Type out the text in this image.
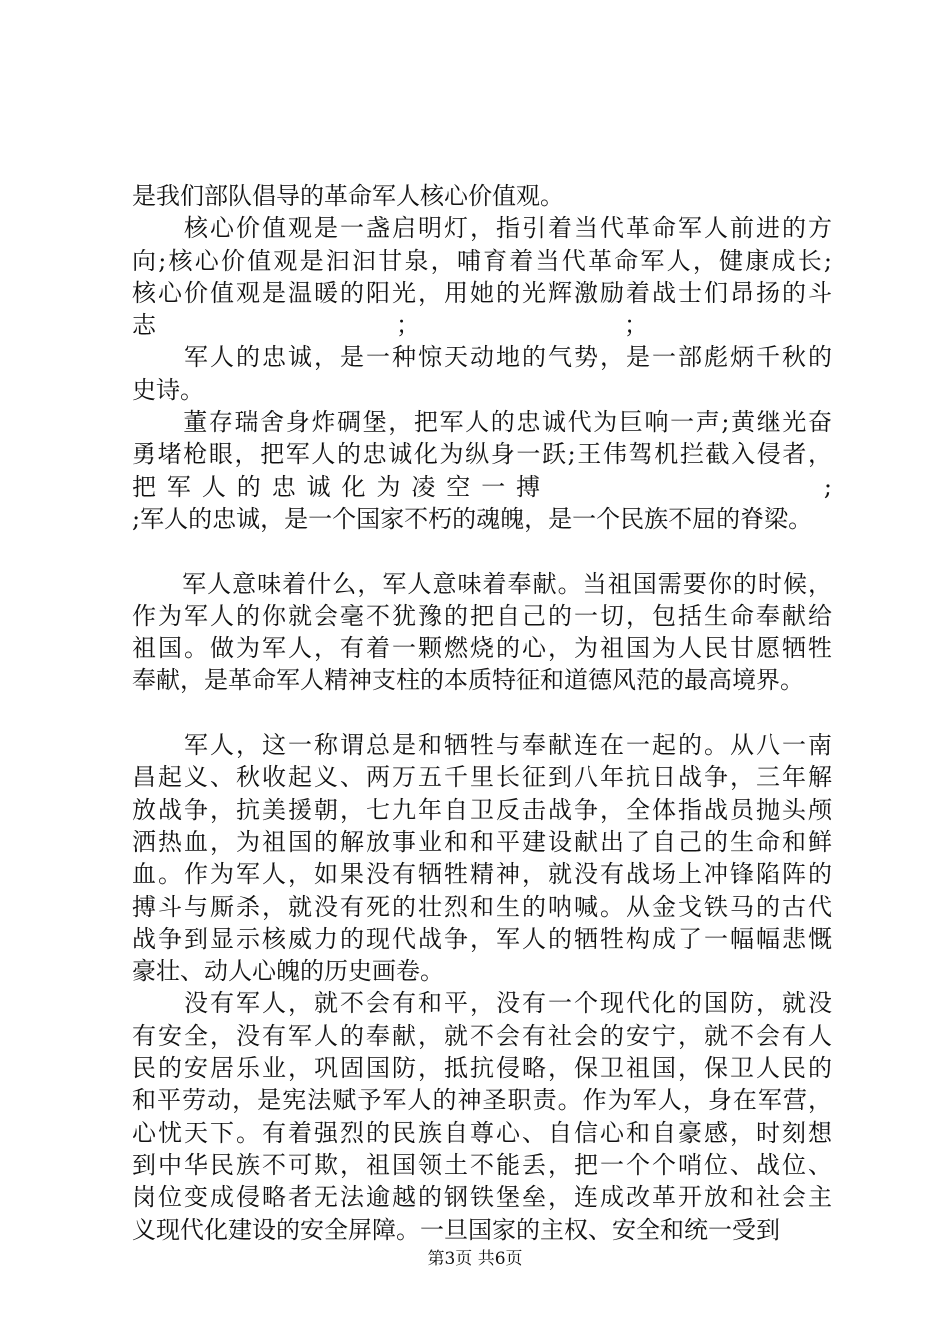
是我们部队倡导的革命军人核心价值观。
　　核心价值观是一盏启明灯，指引着当代革命军人前进的方
向;核心价值观是汩汩甘泉，哺育着当代革命军人，健康成长;
核心价值观是温暖的阳光，用她的光辉激励着战士们昂扬的斗
志　　　　　　　　　　；　　　　　　　　　；
　　军人的忠诚，是一种惊天动地的气势，是一部彪炳千秋的
史诗。
　　董存瑞舍身炸碉堡，把军人的忠诚代为巨响一声;黄继光奋
勇堵枪眼，把军人的忠诚化为纵身一跃;王伟驾机拦截入侵者，
把 军 人 的 忠 诚 化 为 凌 空 一 搏　　　　　　　　　　　;
;军人的忠诚，是一个国家不朽的魂魄，是一个民族不屈的脊梁。
　　军人意味着什么，军人意味着奉献。当祖国需要你的时候，
作为军人的你就会毫不犹豫的把自己的一切，包括生命奉献给
祖国。做为军人，有着一颗燃烧的心，为祖国为人民甘愿牺牲
奉献，是革命军人精神支柱的本质特征和道德风范的最高境界。
　　军人，这一称谓总是和牺牲与奉献连在一起的。从八一南
昌起义、秋收起义、两万五千里长征到八年抗日战争，三年解
放战争，抗美援朝，七九年自卫反击战争，全体指战员抛头颅
洒热血，为祖国的解放事业和和平建设献出了自己的生命和鲜
血。作为军人，如果没有牺牲精神，就没有战场上冲锋陷阵的
搏斗与厮杀，就没有死的壮烈和生的呐喊。从金戈铁马的古代
战争到显示核威力的现代战争，军人的牺牲构成了一幅幅悲慨
豪壮、动人心魄的历史画卷。
　　没有军人，就不会有和平，没有一个现代化的国防，就没
有安全，没有军人的奉献，就不会有社会的安宁，就不会有人
民的安居乐业，巩固国防，抵抗侵略，保卫祖国，保卫人民的
和平劳动，是宪法赋予军人的神圣职责。作为军人，身在军营，
心忧天下。有着强烈的民族自尊心、自信心和自豪感，时刻想
到中华民族不可欺，祖国领土不能丢，把一个个哨位、战位、
岗位变成侵略者无法逾越的钢铁堡垒，连成改革开放和社会主
义现代化建设的安全屏障。一旦国家的主权、安全和统一受到
第3页 共6页
